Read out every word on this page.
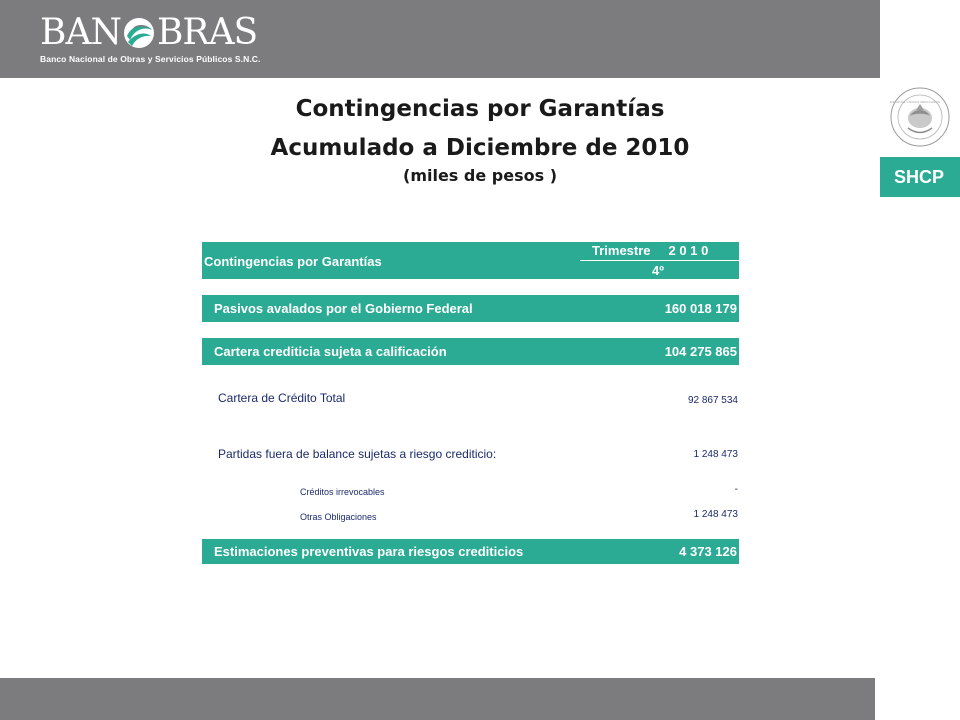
BAN BRAS
Banco Nacional de Obras y Servicios Públicos S.N.C.
ESTADOS UNIDOS MEXICANOS
SHCP
Contingencias por Garantías
Acumulado a Diciembre de 2010
(miles de pesos )
Contingencias por Garantías
Trimestre 2 0 1 0
4º
Pasivos avalados por el Gobierno Federal	160 018 179
Cartera crediticia sujeta a calificación	104 275 865
Cartera de Crédito Total	92 867 534
Partidas fuera de balance sujetas a riesgo crediticio:	1 248 473
Créditos irrevocables	-
Otras Obligaciones	1 248 473
Estimaciones preventivas para riesgos crediticios	4 373 126
